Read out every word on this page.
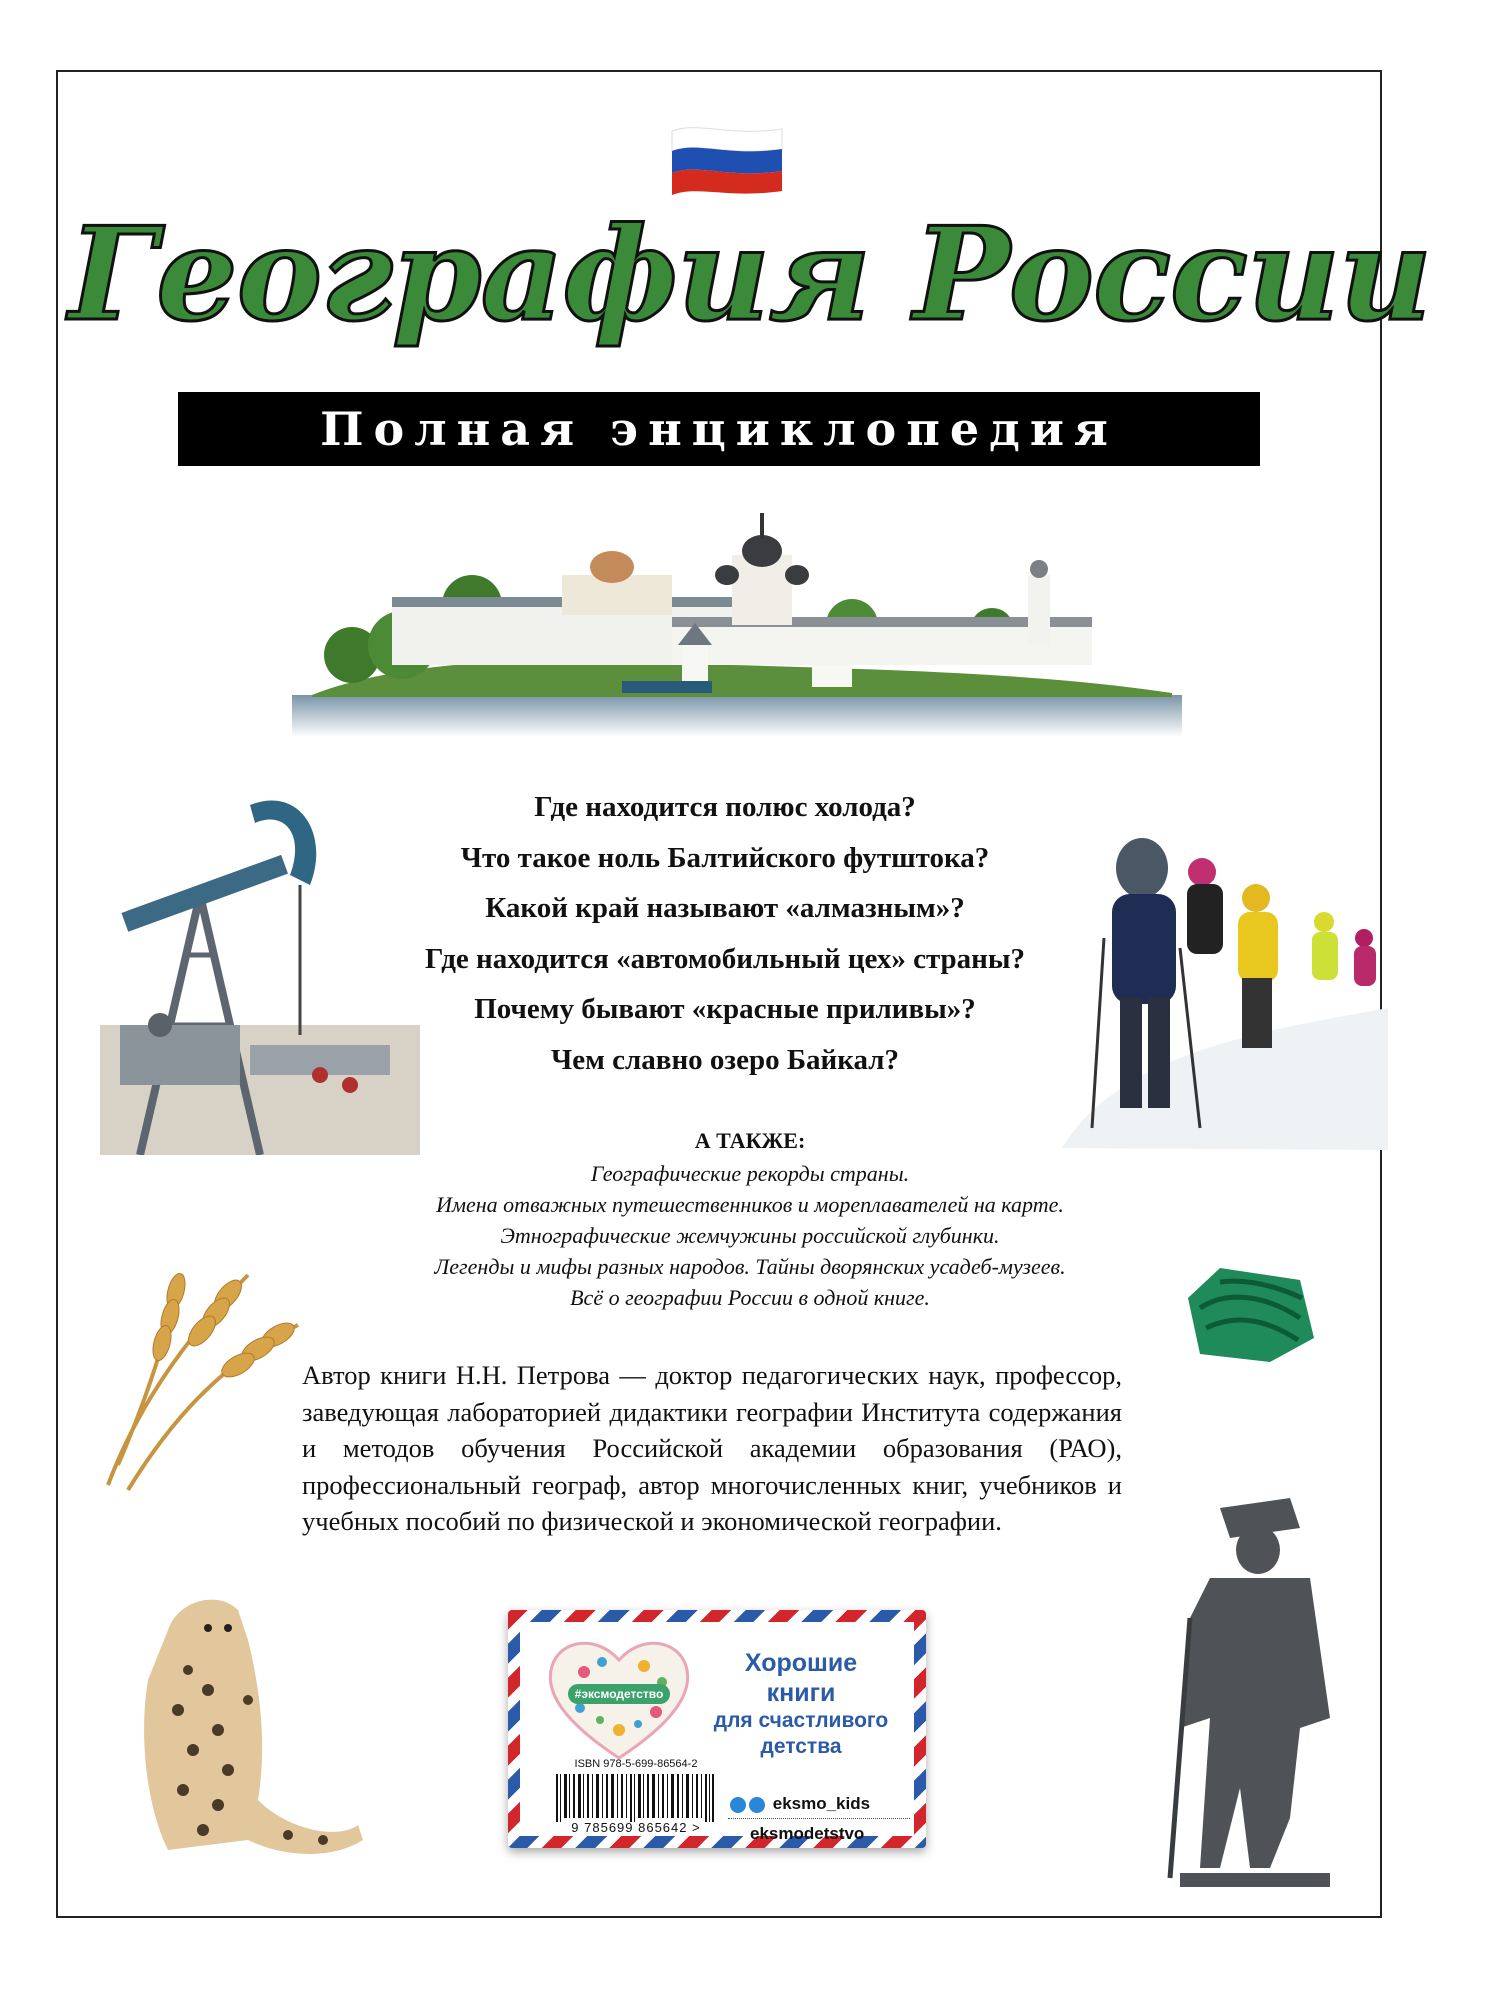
География России
Полная энциклопедия
Где находится полюс холода?
Что такое ноль Балтийского футштока?
Какой край называют «алмазным»?
Где находится «автомобильный цех» страны?
Почему бывают «красные приливы»?
Чем славно озеро Байкал?
А ТАКЖЕ:
Географические рекорды страны.
Имена отважных путешественников и мореплавателей на карте.
Этнографические жемчужины российской глубинки.
Легенды и мифы разных народов. Тайны дворянских усадеб-музеев.
Всё о географии России в одной книге.
Автор книги Н.Н. Петрова — доктор педагогических наук, профессор, заведующая лабораторией дидактики географии Института содержания и методов обучения Российской академии образования (РАО), профессиональный географ, автор многочисленных книг, учебников и учебных пособий по физической и экономической географии.
#эксмодетство
Хорошие
книги
для счастливого
детства
ISBN 978-5-699-86564-2
9 785699 865642 >
eksmo_kids
eksmodetstvo
